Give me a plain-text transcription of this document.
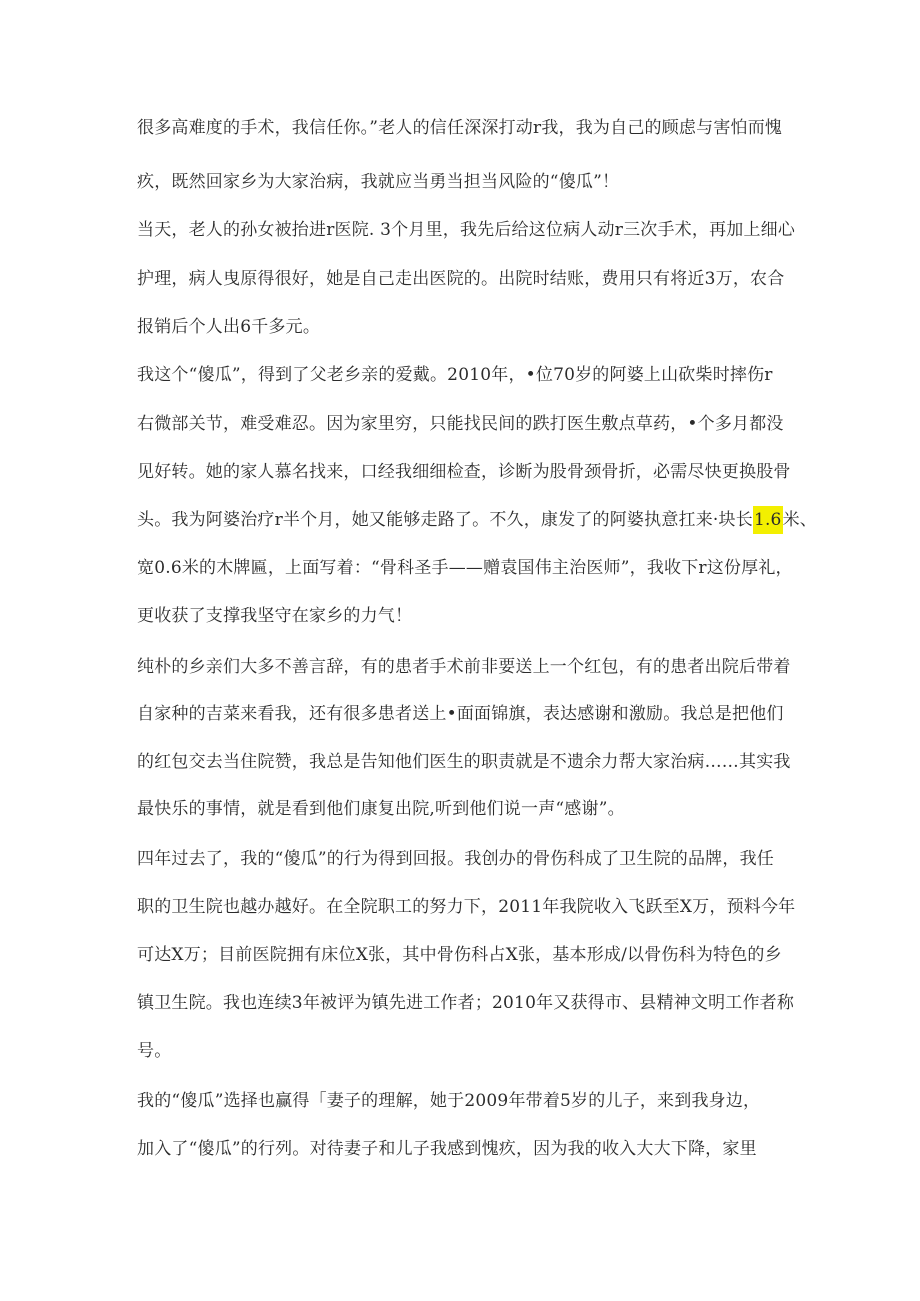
很多高难度的手术，我信任你。”老人的信任深深打动r我，我为自己的顾虑与害怕而愧
疚，既然回家乡为大家治病，我就应当勇当担当风险的“傻瓜”！
当天，老人的孙女被抬进r医院. 3个月里，我先后给这位病人动r三次手术，再加上细心
护理，病人曳原得很好，她是自己走出医院的。出院时结账，费用只有将近3万，农合
报销后个人出6千多元。
我这个“傻瓜”，得到了父老乡亲的爱戴。2010年，•位70岁的阿婆上山砍柴时摔伤r
右微部关节，难受难忍。因为家里穷，只能找民间的跌打医生敷点草药，•个多月都没
见好转。她的家人慕名找来，口经我细细检查，诊断为股骨颈骨折，必需尽快更换股骨
头。我为阿婆治疗r半个月，她又能够走路了。不久，康发了的阿婆执意扛来·块长1.6米、
宽0.6米的木牌匾，上面写着：“骨科圣手——赠袁国伟主治医师”，我收下r这份厚礼，
更收获了支撑我坚守在家乡的力气！
纯朴的乡亲们大多不善言辞，有的患者手术前非要送上一个红包，有的患者出院后带着
自家种的吉菜来看我，还有很多患者送上•面面锦旗，表达感谢和激励。我总是把他们
的红包交去当住院赞，我总是告知他们医生的职责就是不遗余力帮大家治病……其实我
最快乐的事情，就是看到他们康复出院,听到他们说一声“感谢”。
四年过去了，我的“傻瓜”的行为得到回报。我创办的骨伤科成了卫生院的品牌，我任
职的卫生院也越办越好。在全院职工的努力下，2011年我院收入飞跃至X万，预料今年
可达X万；目前医院拥有床位X张，其中骨伤科占X张，基本形成/以骨伤科为特色的乡
镇卫生院。我也连续3年被评为镇先进工作者；2010年又获得市、县精神文明工作者称
号。
我的“傻瓜”选择也赢得「妻子的理解，她于2009年带着5岁的儿子，来到我身边，
加入了“傻瓜”的行列。对待妻子和儿子我感到愧疚，因为我的收入大大下降，家里
